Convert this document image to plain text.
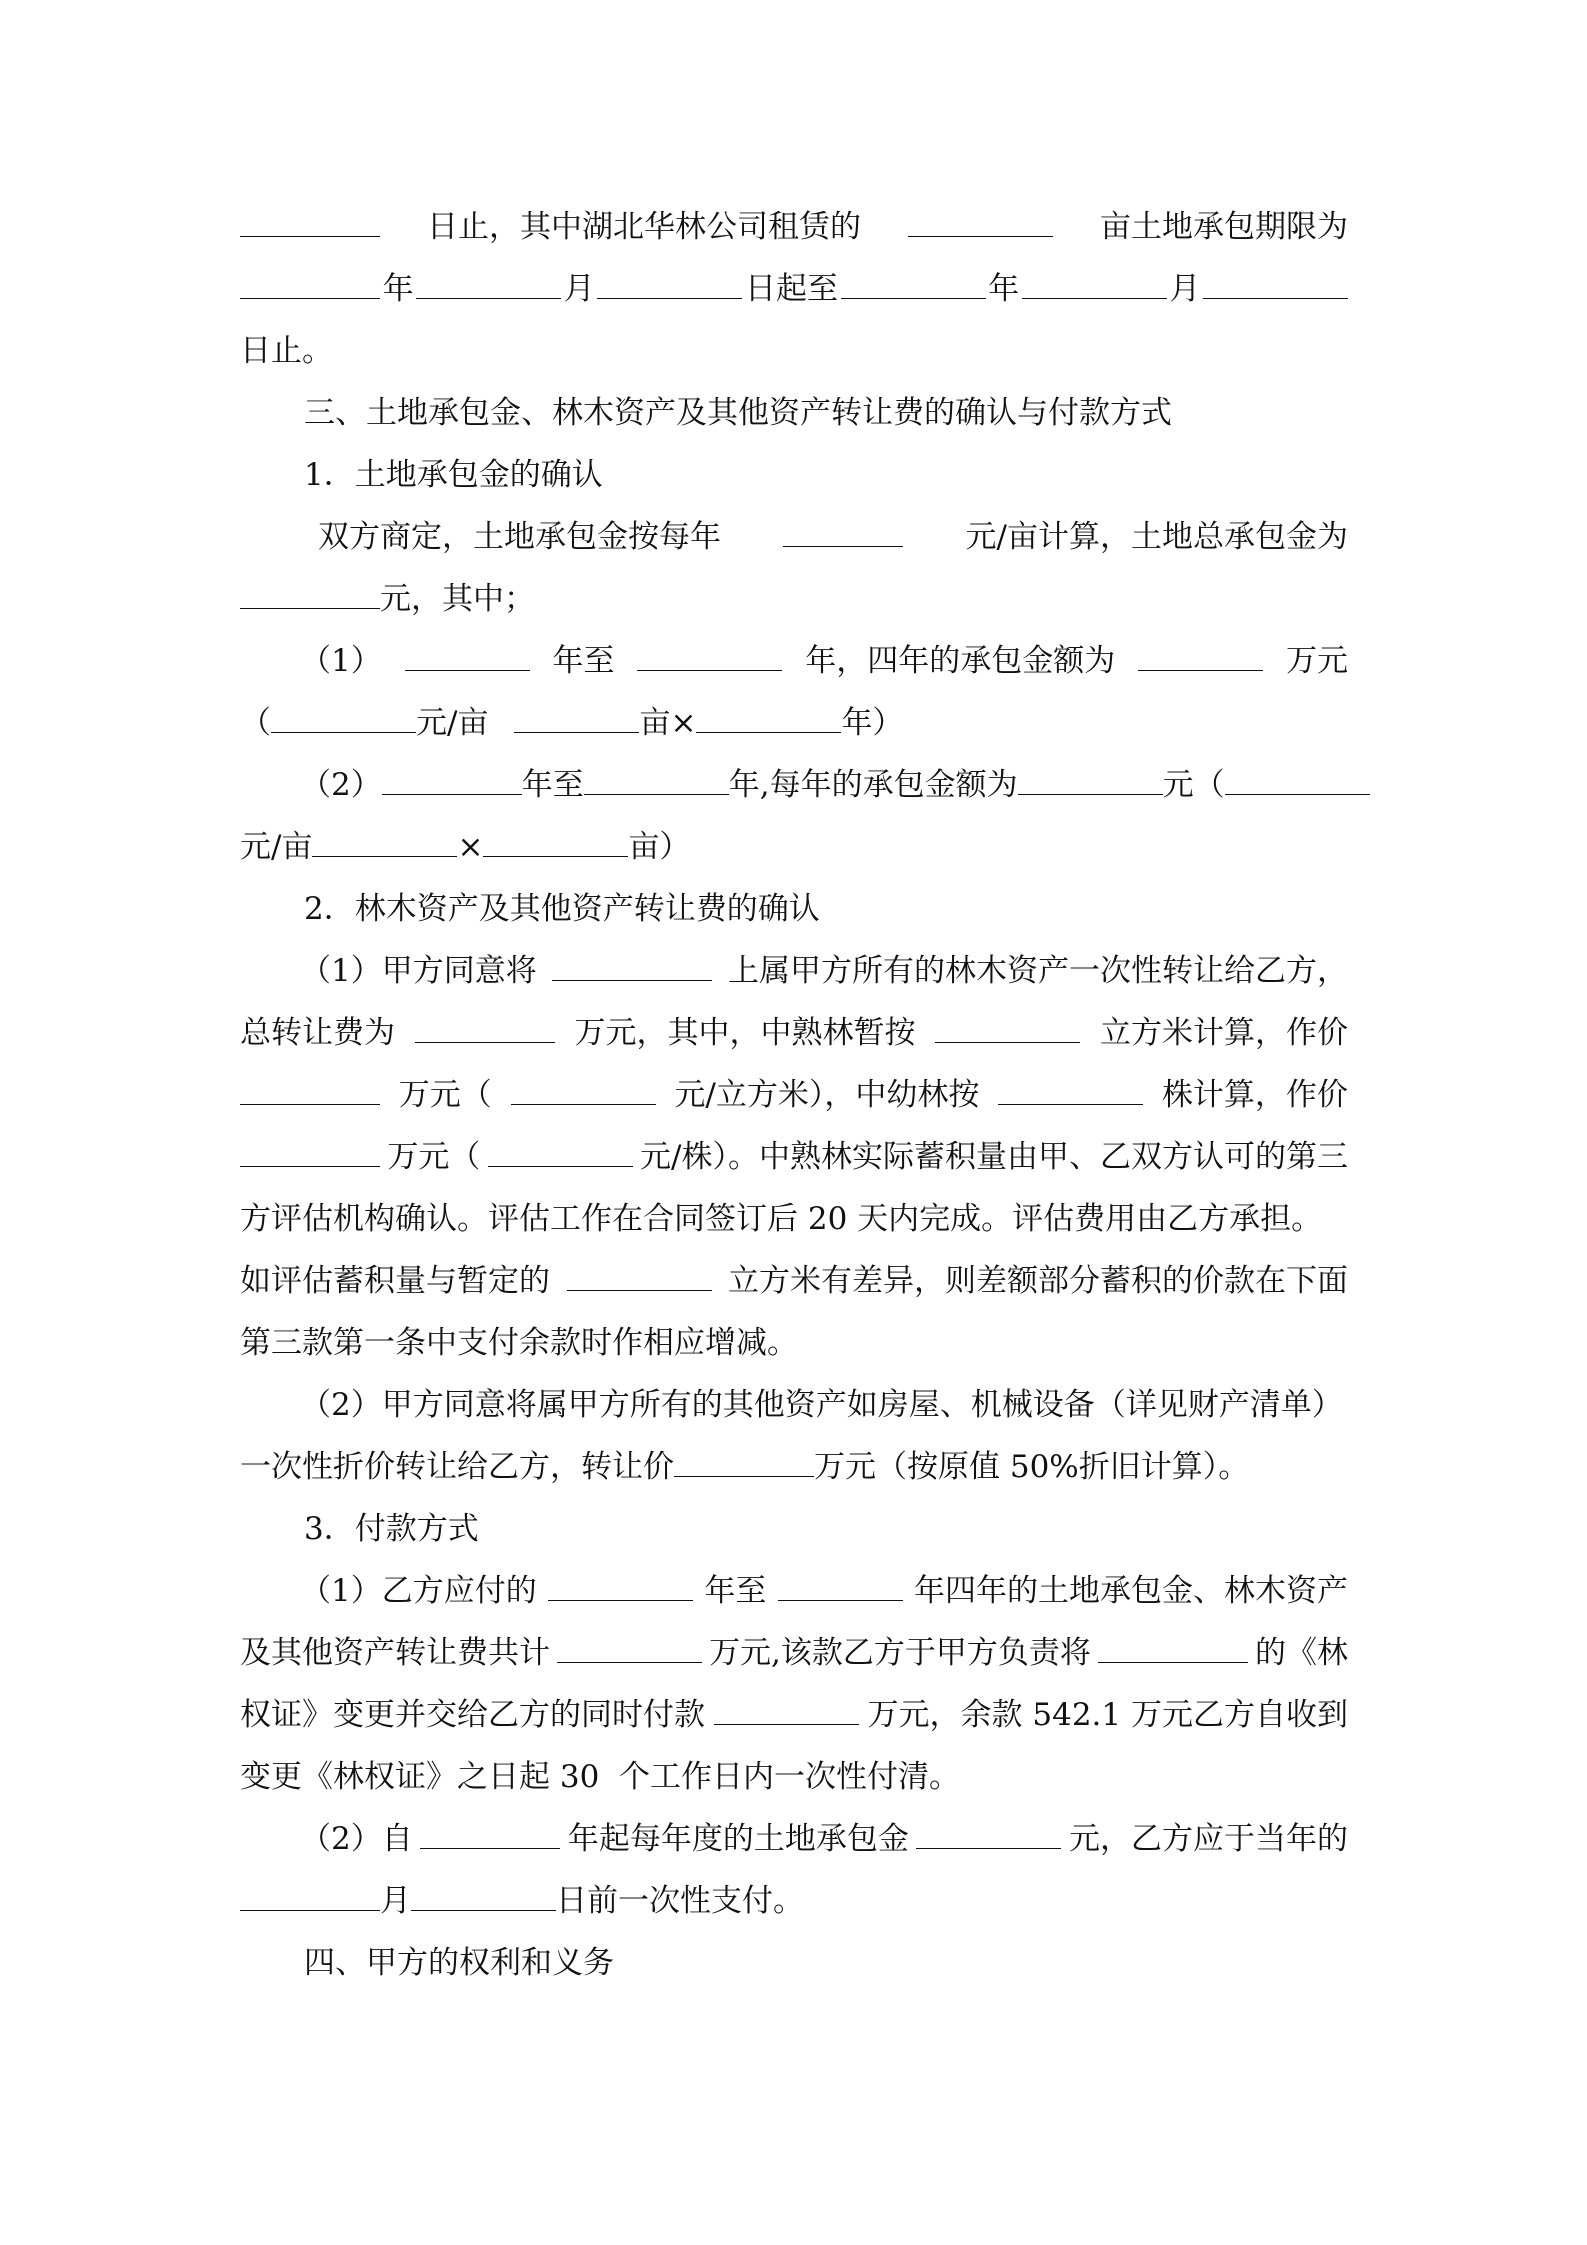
日止，其中湖北华林公司租赁的	亩土地承包期限为
年	月	日起至	年	月
日止。
三、土地承包金、林木资产及其他资产转让费的确认与付款方式
1．土地承包金的确认
双方商定，土地承包金按每年	元/亩计算，土地总承包金为
元，其中；
（1）	年至	年，四年的承包金额为	万元
（	元/亩	亩×	年）
（2）	年至	年,每年的承包金额为	元（
元/亩	×	亩）
2．林木资产及其他资产转让费的确认
（1）甲方同意将	上属甲方所有的林木资产一次性转让给乙方，
总转让费为	万元，其中，中熟林暂按	立方米计算，作价
万元（	元/立方米），中幼林按	株计算，作价
万元（	元/株）。中熟林实际蓄积量由甲、乙双方认可的第三
方评估机构确认。评估工作在合同签订后 20 天内完成。评估费用由乙方承担。
如评估蓄积量与暂定的	立方米有差异，则差额部分蓄积的价款在下面
第三款第一条中支付余款时作相应增减。
（2）甲方同意将属甲方所有的其他资产如房屋、机械设备（详见财产清单）
一次性折价转让给乙方，转让价	万元（按原值 50%折旧计算）。
3．付款方式
（1）乙方应付的	年至	年四年的土地承包金、林木资产
及其他资产转让费共计	万元,该款乙方于甲方负责将	的《林
权证》变更并交给乙方的同时付款	万元，余款 542.1 万元乙方自收到
变更《林权证》之日起 30  个工作日内一次性付清。
（2）自	年起每年度的土地承包金	元，乙方应于当年的
月	日前一次性支付。
四、甲方的权利和义务
